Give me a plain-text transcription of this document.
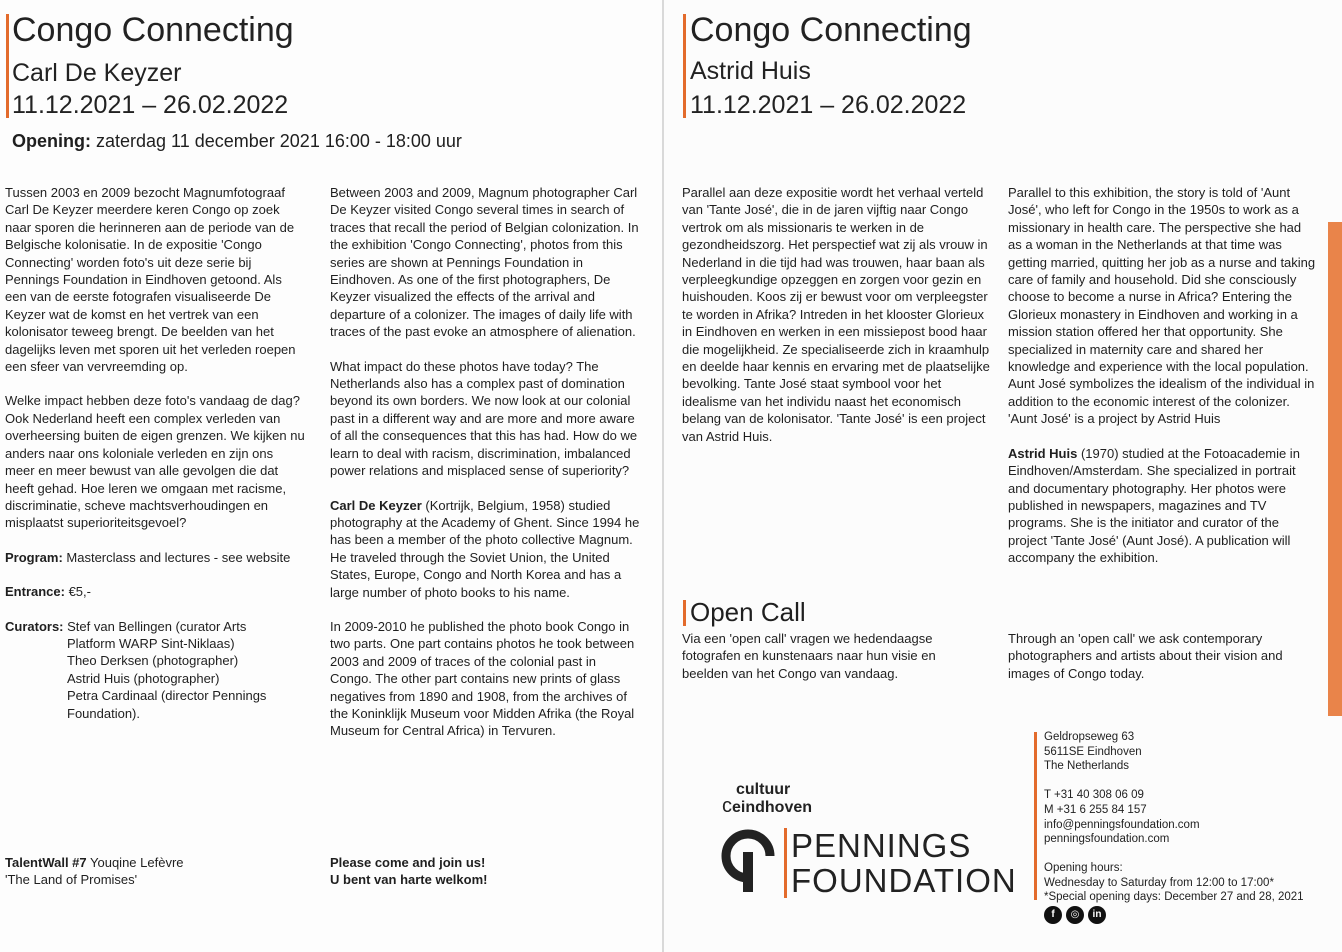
Congo Connecting
Carl De Keyzer
11.12.2021 – 26.02.2022
Opening: zaterdag 11 december 2021 16:00 - 18:00 uur

Tussen 2003 en 2009 bezocht Magnumfotograaf Carl De Keyzer meerdere keren Congo op zoek naar sporen die herinneren aan de periode van de Belgische kolonisatie. In de expositie 'Congo Connecting' worden foto's uit deze serie bij Pennings Foundation in Eindhoven getoond. Als een van de eerste fotografen visualiseerde De Keyzer wat de komst en het vertrek van een kolonisator teweeg brengt. De beelden van het dagelijks leven met sporen uit het verleden roepen een sfeer van vervreemding op.

Welke impact hebben deze foto's vandaag de dag? Ook Nederland heeft een complex verleden van overheersing buiten de eigen grenzen. We kijken nu anders naar ons koloniale verleden en zijn ons meer en meer bewust van alle gevolgen die dat heeft gehad. Hoe leren we omgaan met racisme, discriminatie, scheve machtsverhoudingen en misplaatst superioriteitsgevoel?

Program: Masterclass and lectures - see website

Entrance: €5,-

Curators: Stef van Bellingen (curator Arts
Platform WARP Sint-Niklaas)
Theo Derksen (photographer)
Astrid Huis (photographer)
Petra Cardinaal (director Pennings
Foundation).
TalentWall #7 Youqine Lefèvre
'The Land of Promises'

Between 2003 and 2009, Magnum photographer Carl De Keyzer visited Congo several times in search of traces that recall the period of Belgian colonization. In the exhibition 'Congo Connecting', photos from this series are shown at Pennings Foundation in Eindhoven. As one of the first photographers, De Keyzer visualized the effects of the arrival and departure of a colonizer. The images of daily life with traces of the past evoke an atmosphere of alienation.

What impact do these photos have today? The Netherlands also has a complex past of domination beyond its own borders. We now look at our colonial past in a different way and are more and more aware of all the consequences that this has had. How do we learn to deal with racism, discrimination, imbalanced power relations and misplaced sense of superiority?

Carl De Keyzer (Kortrijk, Belgium, 1958) studied photography at the Academy of Ghent. Since 1994 he has been a member of the photo collective Magnum. He traveled through the Soviet Union, the United States, Europe, Congo and North Korea and has a large number of photo books to his name.

In 2009-2010 he published the photo book Congo in two parts. One part contains photos he took between 2003 and 2009 of traces of the colonial past in Congo. The other part contains new prints of glass negatives from 1890 and 1908, from the archives of the Koninklijk Museum voor Midden Afrika (the Royal Museum for Central Africa) in Tervuren.

Please come and join us!
U bent van harte welkom!
Congo Connecting
Astrid Huis
11.12.2021 – 26.02.2022

Parallel aan deze expositie wordt het verhaal verteld van 'Tante José', die in de jaren vijftig naar Congo vertrok om als missionaris te werken in de gezondheidszorg. Het perspectief wat zij als vrouw in Nederland in die tijd had was trouwen, haar baan als verpleegkundige opzeggen en zorgen voor gezin en huishouden. Koos zij er bewust voor om verpleegster te worden in Afrika? Intreden in het klooster Glorieux in Eindhoven en werken in een missiepost bood haar die mogelijkheid. Ze specialiseerde zich in kraamhulp en deelde haar kennis en ervaring met de plaatselijke bevolking. Tante José staat symbool voor het idealisme van het individu naast het economisch belang van de kolonisator. 'Tante José' is een project van Astrid Huis.

Open Call
Via een 'open call' vragen we hedendaagse fotografen en kunstenaars naar hun visie en beelden van het Congo van vandaag.

Parallel to this exhibition, the story is told of 'Aunt José', who left for Congo in the 1950s to work as a missionary in health care. The perspective she had as a woman in the Netherlands at that time was getting married, quitting her job as a nurse and taking care of family and household. Did she consciously choose to become a nurse in Africa? Entering the Glorieux monastery in Eindhoven and working in a mission station offered her that opportunity. She specialized in maternity care and shared her knowledge and experience with the local population. Aunt José symbolizes the idealism of the individual in addition to the economic interest of the colonizer. 'Aunt José' is a project by Astrid Huis

Astrid Huis (1970) studied at the Fotoacademie in Eindhoven/Amsterdam. She specialized in portrait and documentary photography. Her photos were published in newspapers, magazines and TV programs. She is the initiator and curator of the project 'Tante José' (Aunt José). A publication will accompany the exhibition.

Through an 'open call' we ask contemporary photographers and artists about their vision and images of Congo today.
cultuur
ceindhoven
PENNINGS
FOUNDATION
Geldropseweg 63
5611SE Eindhoven
The Netherlands
T +31 40 308 06 09
M +31 6 255 84 157
info@penningsfoundation.com
penningsfoundation.com
Opening hours:
Wednesday to Saturday from 12:00 to 17:00*
*Special opening days: December 27 and 28, 2021
f	◎	in
